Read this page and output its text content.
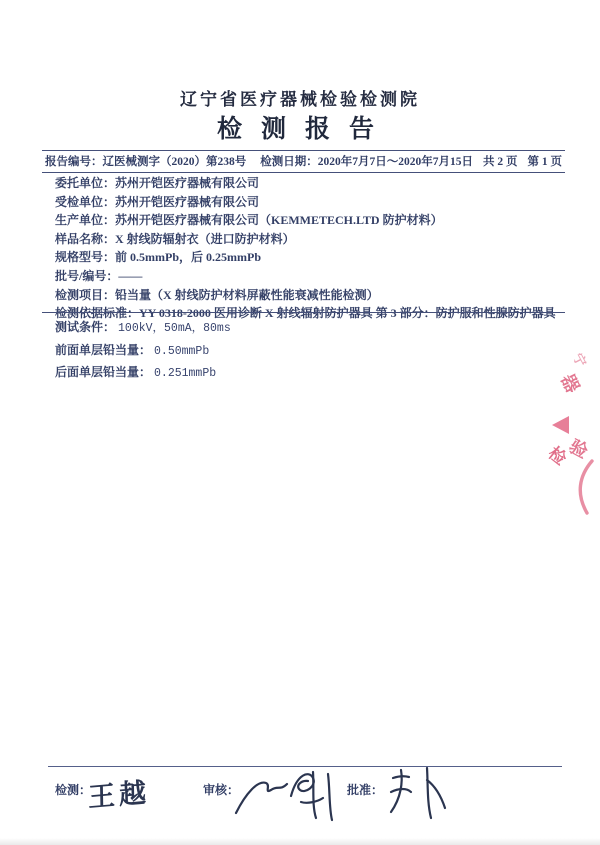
辽宁省医疗器械检验检测院
检测报告
报告编号： 辽医械测字（2020）第238号 检测日期： 2020年7月7日～2020年7月15日 共 2 页 第 1 页
委托单位：苏州开铠医疗器械有限公司
受检单位：苏州开铠医疗器械有限公司
生产单位：苏州开铠医疗器械有限公司（KEMMETECH.LTD 防护材料）
样品名称：X 射线防辐射衣（进口防护材料）
规格型号：前 0.5mmPb，后 0.25mmPb
批号/编号：——
检测项目：铅当量（X 射线防护材料屏蔽性能衰减性能检测）
检测依据标准：YY 0318-2000 医用诊断 X 射线辐射防护器具 第 3 部分：防护服和性腺防护器具
测试条件： 100kV，50mA，80ms
前面单层铅当量： 0.50mmPb
后面单层铅当量： 0.251mmPb
宁
器
检
验
检测：
王越	审核：	批准：
